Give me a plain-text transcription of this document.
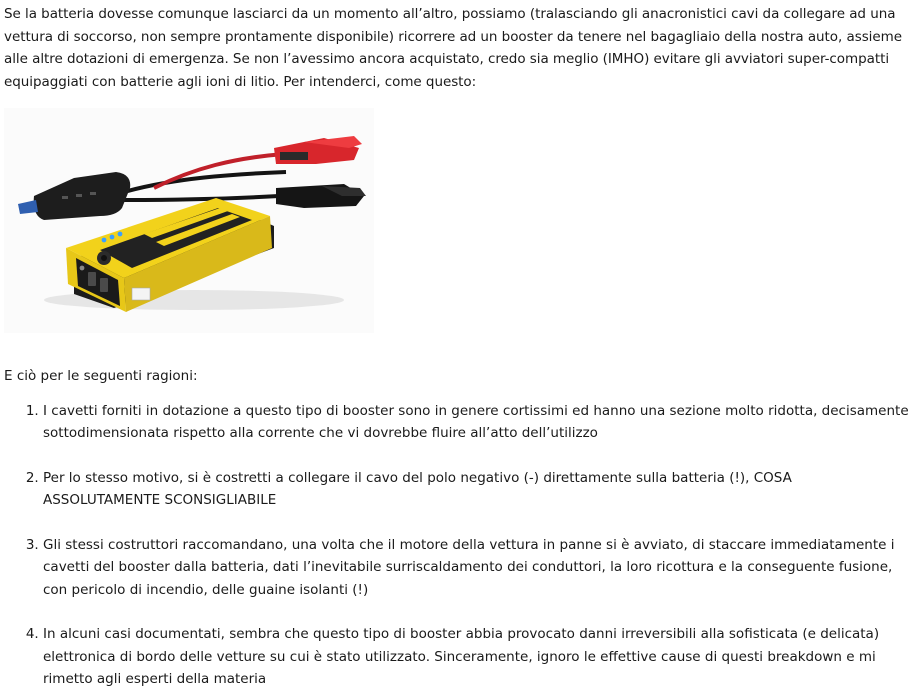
Se la batteria dovesse comunque lasciarci da un momento all’altro, possiamo (tralasciando gli anacronistici cavi da collegare ad una vettura di soccorso, non sempre prontamente disponibile) ricorrere ad un booster da tenere nel bagagliaio della nostra auto, assieme alle altre dotazioni di emergenza. Se non l’avessimo ancora acquistato, credo sia meglio (IMHO) evitare gli avviatori super-compatti equipaggiati con batterie agli ioni di litio. Per intenderci, come questo:

E ciò per le seguenti ragioni:

1. I cavetti forniti in dotazione a questo tipo di booster sono in genere cortissimi ed hanno una sezione molto ridotta, decisamente sottodimensionata rispetto alla corrente che vi dovrebbe fluire all’atto dell’utilizzo
2. Per lo stesso motivo, si è costretti a collegare il cavo del polo negativo (-) direttamente sulla batteria (!), COSA ASSOLUTAMENTE SCONSIGLIABILE
3. Gli stessi costruttori raccomandano, una volta che il motore della vettura in panne si è avviato, di staccare immediatamente i cavetti del booster dalla batteria, dati l’inevitabile surriscaldamento dei conduttori, la loro ricottura e la conseguente fusione, con pericolo di incendio, delle guaine isolanti (!)
4. In alcuni casi documentati, sembra che questo tipo di booster abbia provocato danni irreversibili alla sofisticata (e delicata) elettronica di bordo delle vetture su cui è stato utilizzato. Sinceramente, ignoro le effettive cause di questi breakdown e mi rimetto agli esperti della materia
